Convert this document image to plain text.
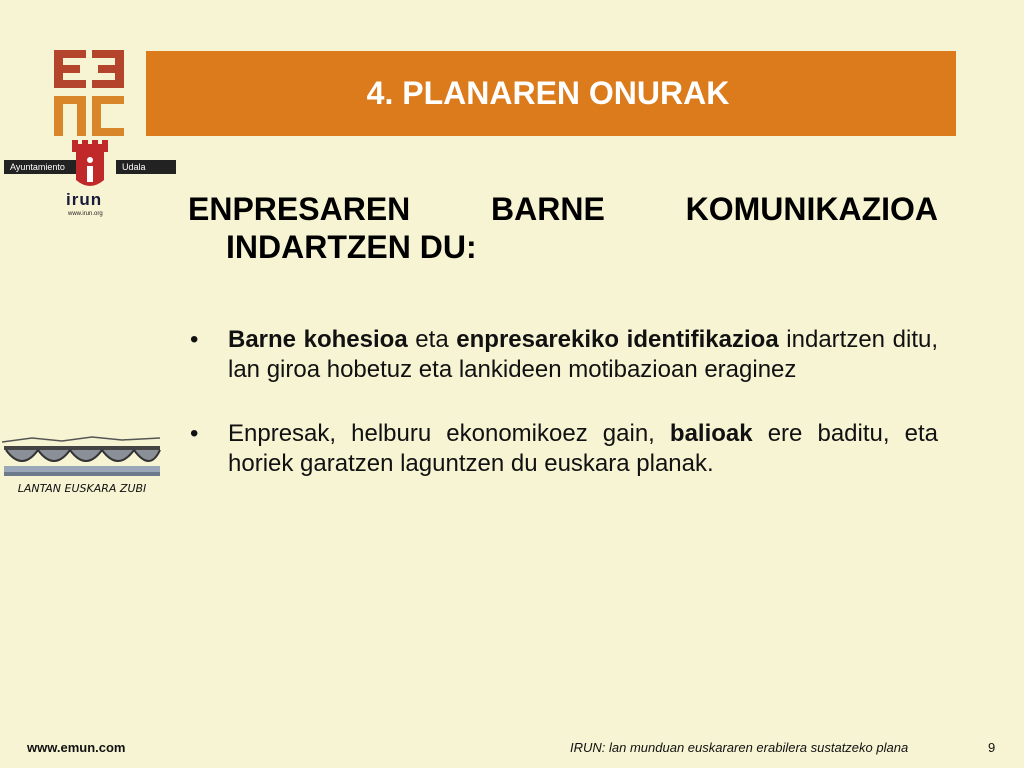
Ayuntamiento	Udala
irun
www.irun.org
4. PLANAREN ONURAK
LANTAN EUSKARA ZUBI
ENPRESAREN	BARNE	KOMUNIKAZIOA
INDARTZEN DU:
• Barne kohesioa eta enpresarekiko identifikazioa indartzen ditu, lan giroa hobetuz eta lankideen motibazioan eraginez
• Enpresak, helburu ekonomikoez gain, balioak ere baditu, eta horiek garatzen laguntzen du euskara planak.
www.emun.com	IRUN: lan munduan euskararen erabilera sustatzeko plana	9
